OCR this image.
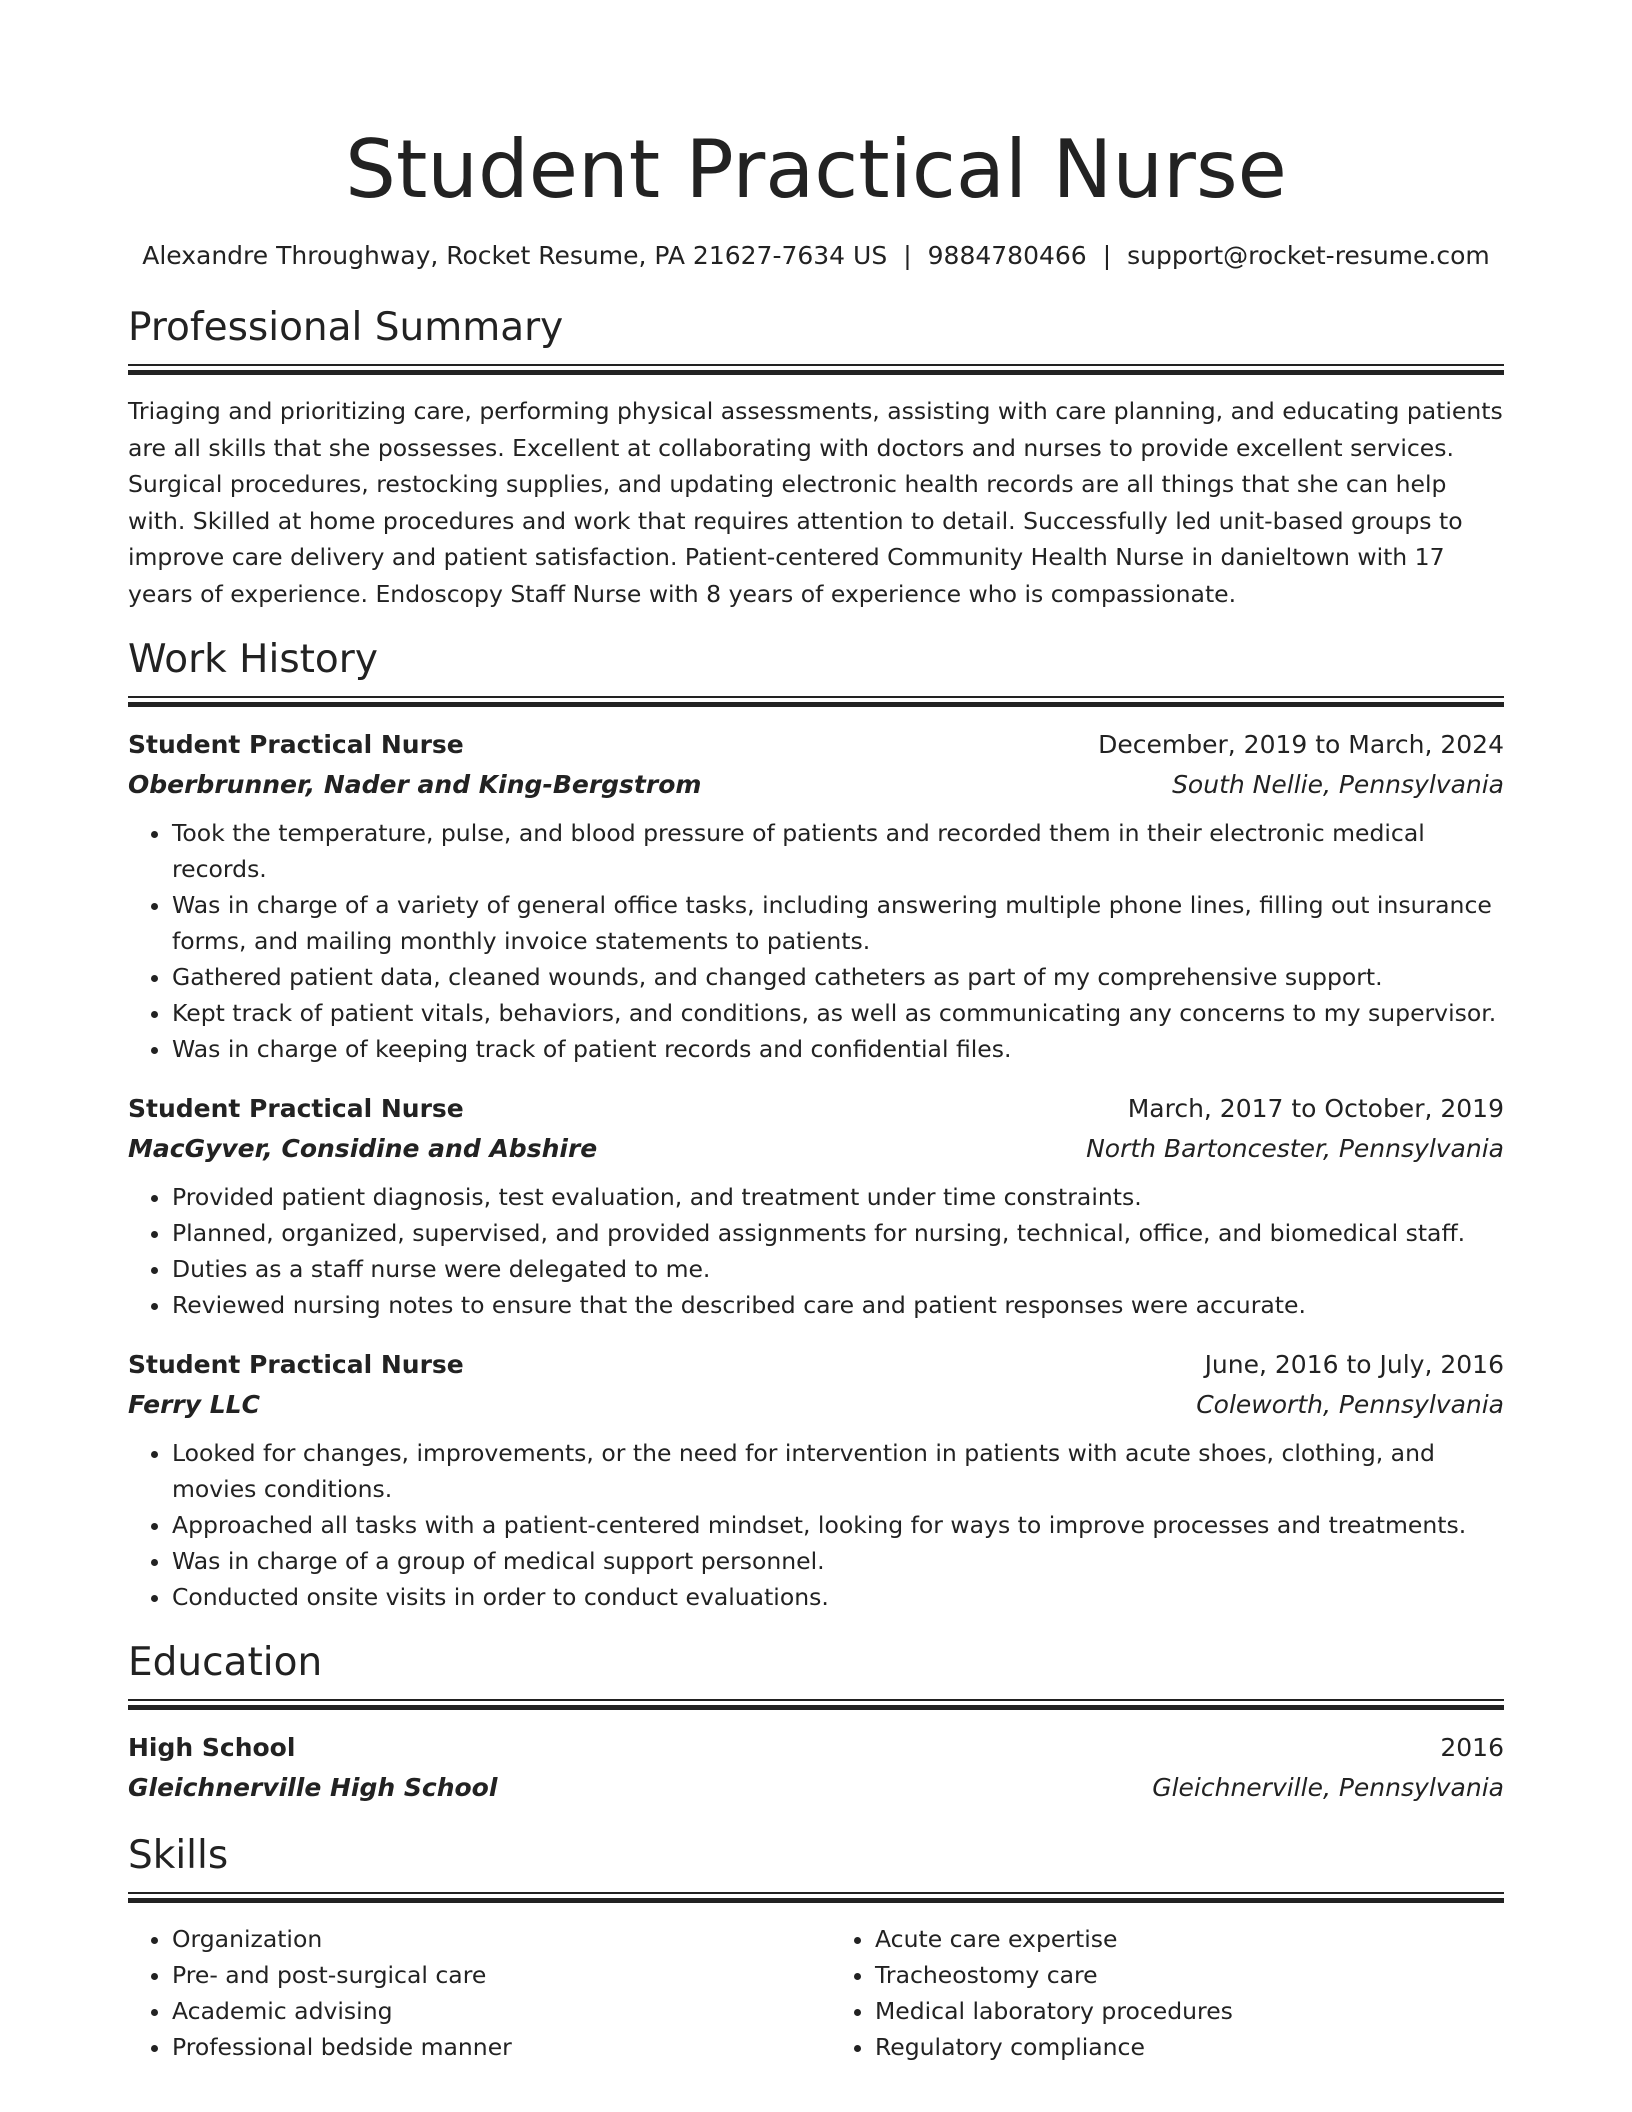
Student Practical Nurse
Alexandre Throughway, Rocket Resume, PA 21627-7634 US | 9884780466 | support@rocket-resume.com
Professional Summary

Triaging and prioritizing care, performing physical assessments, assisting with care planning, and educating patients are all skills that she possesses. Excellent at collaborating with doctors and nurses to provide excellent services. Surgical procedures, restocking supplies, and updating electronic health records are all things that she can help with. Skilled at home procedures and work that requires attention to detail. Successfully led unit-based groups to improve care delivery and patient satisfaction. Patient-centered Community Health Nurse in danieltown with 17 years of experience. Endoscopy Staff Nurse with 8 years of experience who is compassionate.

Work History
Student Practical Nurse	December, 2019 to March, 2024
Oberbrunner, Nader and King-Bergstrom	South Nellie, Pennsylvania
• Took the temperature, pulse, and blood pressure of patients and recorded them in their electronic medical records.
• Was in charge of a variety of general office tasks, including answering multiple phone lines, filling out insurance forms, and mailing monthly invoice statements to patients.
• Gathered patient data, cleaned wounds, and changed catheters as part of my comprehensive support.
• Kept track of patient vitals, behaviors, and conditions, as well as communicating any concerns to my supervisor.
• Was in charge of keeping track of patient records and confidential files.
Student Practical Nurse	March, 2017 to October, 2019
MacGyver, Considine and Abshire	North Bartoncester, Pennsylvania
• Provided patient diagnosis, test evaluation, and treatment under time constraints.
• Planned, organized, supervised, and provided assignments for nursing, technical, office, and biomedical staff.
• Duties as a staff nurse were delegated to me.
• Reviewed nursing notes to ensure that the described care and patient responses were accurate.
Student Practical Nurse	June, 2016 to July, 2016
Ferry LLC	Coleworth, Pennsylvania
• Looked for changes, improvements, or the need for intervention in patients with acute shoes, clothing, and movies conditions.
• Approached all tasks with a patient-centered mindset, looking for ways to improve processes and treatments.
• Was in charge of a group of medical support personnel.
• Conducted onsite visits in order to conduct evaluations.
Education
High School	2016
Gleichnerville High School	Gleichnerville, Pennsylvania
Skills
• Organization
• Pre- and post-surgical care
• Academic advising
• Professional bedside manner
• Acute care expertise
• Tracheostomy care
• Medical laboratory procedures
• Regulatory compliance
